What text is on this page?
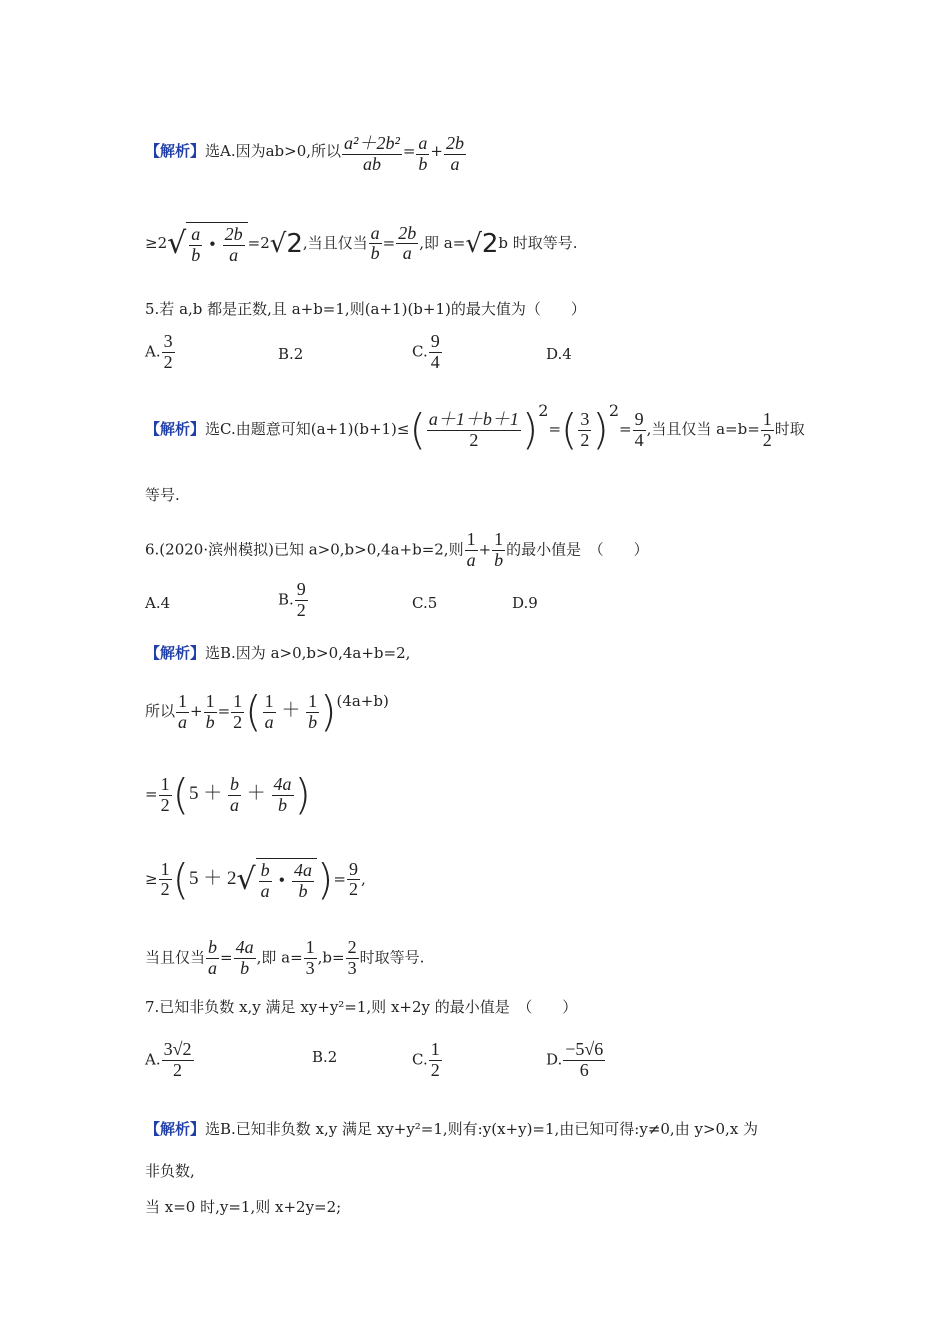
【解析】选A.因为ab>0,所以 $\frac{\text{a²＋2b²}}{ab} = \frac{a}{b} + \frac{2b}{a}$
$\ge 2√ \frac{a}{b}$ • $\frac{2b}{a} =2√2$,当且仅当 $\frac{a}{b} = \frac{2b}{a}$ ,即 a=√2b 时取等号.
5.若 a,b 都是正数,且 a+b=1,则(a+1)(b+1)的最大值为（　　）
A. $\frac{3}{2}$	B.2	C. $\frac{9}{4}$	D.4
【解析】选C.由题意可知$(a+1)(b+1)\le( \frac{a+1+b+1}{2} )^2=( \frac{3}{2} )^2= \frac{9}{4}$ ,当且仅当 $a=b= \frac{1}{2}$ 时取
等号.
6.(2020·滨州模拟)已知 a>0,b>0,4a+b=2,则 $\frac{1}{a} + \frac{1}{b}$ 的最小值是　（　　）
A.4	B. $\frac{9}{2}$	C.5	D.9
【解析】选B.因为 a>0,b>0,4a+b=2,
所以 $\frac{1}{a} + \frac{1}{b} = \frac{1}{2}$ ( $\frac{1}{a} + \frac{1}{b} )(4a+b)$
= $\frac{1}{2} (5 + \frac{b}{a} + \frac{4a}{b}$ )
≥ $\frac{1}{2} (5 + 2√ \frac{b}{a}$ • $\frac{4a}{b}$ )= $\frac{9}{2}$ ,
当且仅当 $\frac{b}{a} = \frac{4a}{b}$ ,即 $a= \frac{1}{3} ,b= \frac{2}{3}$ 时取等号.
7.已知非负数 x,y 满足 xy+y²=1,则 x+2y 的最小值是　（　　）
A. $\frac{3√2}{2}$	B.2	C. $\frac{1}{2}$	D. $\frac{-5√6}{6}$
【解析】选B.已知非负数 x,y 满足 xy+y²=1,则有:y(x+y)=1,由已知可得:y≠0,由 y>0,x 为
非负数,
当 x=0 时,y=1,则 x+2y=2;
